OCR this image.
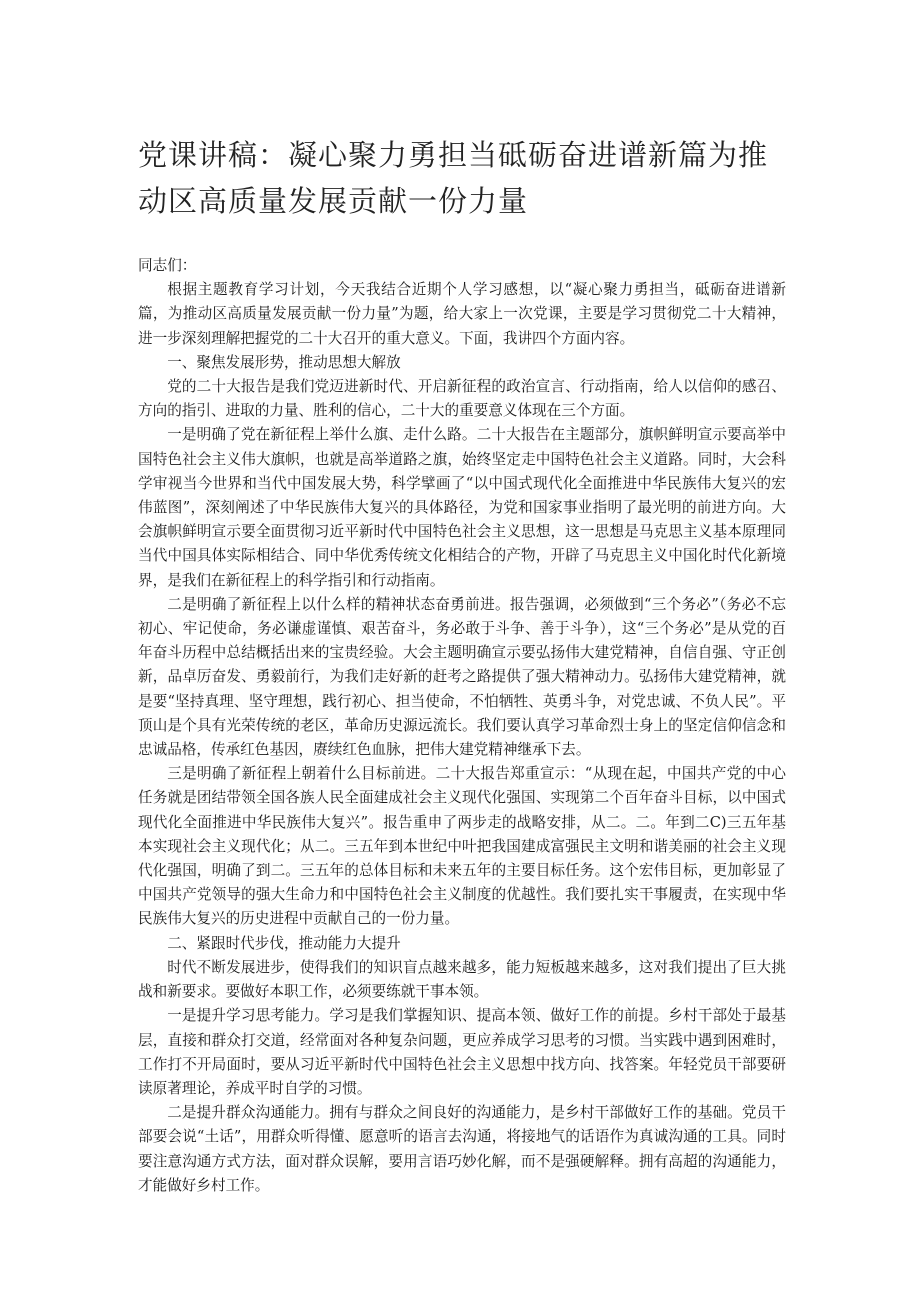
党课讲稿：凝心聚力勇担当砥砺奋进谱新篇为推动区高质量发展贡献一份力量

同志们：

根据主题教育学习计划，今天我结合近期个人学习感想，以“凝心聚力勇担当，砥砺奋进谱新篇，为推动区高质量发展贡献一份力量”为题，给大家上一次党课，主要是学习贯彻党二十大精神，进一步深刻理解把握党的二十大召开的重大意义。下面，我讲四个方面内容。

一、聚焦发展形势，推动思想大解放

党的二十大报告是我们党迈进新时代、开启新征程的政治宣言、行动指南，给人以信仰的感召、方向的指引、进取的力量、胜利的信心，二十大的重要意义体现在三个方面。

一是明确了党在新征程上举什么旗、走什么路。二十大报告在主题部分，旗帜鲜明宣示要高举中国特色社会主义伟大旗帜，也就是高举道路之旗，始终坚定走中国特色社会主义道路。同时，大会科学审视当今世界和当代中国发展大势，科学擘画了“以中国式现代化全面推进中华民族伟大复兴的宏伟蓝图”，深刻阐述了中华民族伟大复兴的具体路径，为党和国家事业指明了最光明的前进方向。大会旗帜鲜明宣示要全面贯彻习近平新时代中国特色社会主义思想，这一思想是马克思主义基本原理同当代中国具体实际相结合、同中华优秀传统文化相结合的产物，开辟了马克思主义中国化时代化新境界，是我们在新征程上的科学指引和行动指南。

二是明确了新征程上以什么样的精神状态奋勇前进。报告强调，必须做到“三个务必”（务必不忘初心、牢记使命，务必谦虚谨慎、艰苦奋斗，务必敢于斗争、善于斗争），这“三个务必”是从党的百年奋斗历程中总结概括出来的宝贵经验。大会主题明确宣示要弘扬伟大建党精神，自信自强、守正创新，品卓厉奋发、勇毅前行，为我们走好新的赶考之路提供了强大精神动力。弘扬伟大建党精神，就是要“坚持真理、坚守理想，践行初心、担当使命，不怕牺牲、英勇斗争，对党忠诚、不负人民”。平顶山是个具有光荣传统的老区，革命历史源远流长。我们要认真学习革命烈士身上的坚定信仰信念和忠诚品格，传承红色基因，赓续红色血脉，把伟大建党精神继承下去。

三是明确了新征程上朝着什么目标前进。二十大报告郑重宣示：“从现在起，中国共产党的中心任务就是团结带领全国各族人民全面建成社会主义现代化强国、实现第二个百年奋斗目标，以中国式现代化全面推进中华民族伟大复兴”。报告重申了两步走的战略安排，从二。二。年到二C)三五年基本实现社会主义现代化；从二。三五年到本世纪中叶把我国建成富强民主文明和谐美丽的社会主义现代化强国，明确了到二。三五年的总体目标和未来五年的主要目标任务。这个宏伟目标，更加彰显了中国共产党领导的强大生命力和中国特色社会主义制度的优越性。我们要扎实干事履责，在实现中华民族伟大复兴的历史进程中贡献自己的一份力量。

二、紧跟时代步伐，推动能力大提升

时代不断发展进步，使得我们的知识盲点越来越多，能力短板越来越多，这对我们提出了巨大挑战和新要求。要做好本职工作，必须要练就干事本领。

一是提升学习思考能力。学习是我们掌握知识、提高本领、做好工作的前提。乡村干部处于最基层，直接和群众打交道，经常面对各种复杂问题，更应养成学习思考的习惯。当实践中遇到困难时，工作打不开局面时，要从习近平新时代中国特色社会主义思想中找方向、找答案。年轻党员干部要研读原著理论，养成平时自学的习惯。

二是提升群众沟通能力。拥有与群众之间良好的沟通能力，是乡村干部做好工作的基础。党员干部要会说“土话”，用群众听得懂、愿意听的语言去沟通，将接地气的话语作为真诚沟通的工具。同时要注意沟通方式方法，面对群众误解，要用言语巧妙化解，而不是强硬解释。拥有高超的沟通能力，才能做好乡村工作。
